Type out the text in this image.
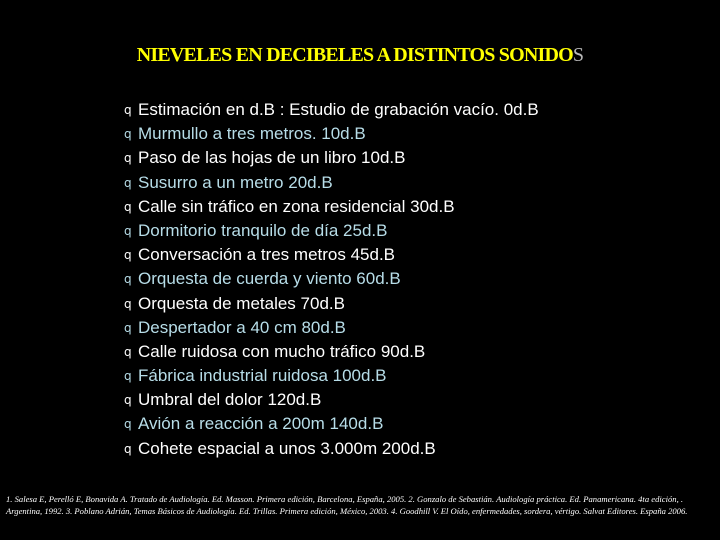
NIEVELES EN DECIBELES A DISTINTOS SONIDOS
q Estimación en d.B : Estudio de grabación vacío. 0d.B
q Murmullo a tres metros. 10d.B
q Paso de las hojas de un libro 10d.B
q Susurro a un metro 20d.B
q Calle sin tráfico en zona residencial 30d.B
q Dormitorio tranquilo de día 25d.B
q Conversación a tres metros 45d.B
q Orquesta de cuerda y viento 60d.B
q Orquesta de metales 70d.B
q Despertador a 40 cm 80d.B
q Calle ruidosa con mucho tráfico 90d.B
q Fábrica industrial ruidosa 100d.B
q Umbral del dolor 120d.B
q Avión a reacción a 200m 140d.B
q Cohete espacial a unos 3.000m 200d.B
1. Salesa E, Perelló E, Bonavida A. Tratado de Audiología. Ed. Masson. Primera edición, Barcelona, España, 2005. 2. Gonzalo de Sebastián. Audiología práctica. Ed. Panamericana. 4ta edición, . Argentina, 1992. 3. Poblano Adrián, Temas Básicos de Audiología. Ed. Trillas. Primera edición, México, 2003. 4. Goodhill V. El Oído, enfermedades, sordera, vértigo. Salvat Editores. España 2006.
